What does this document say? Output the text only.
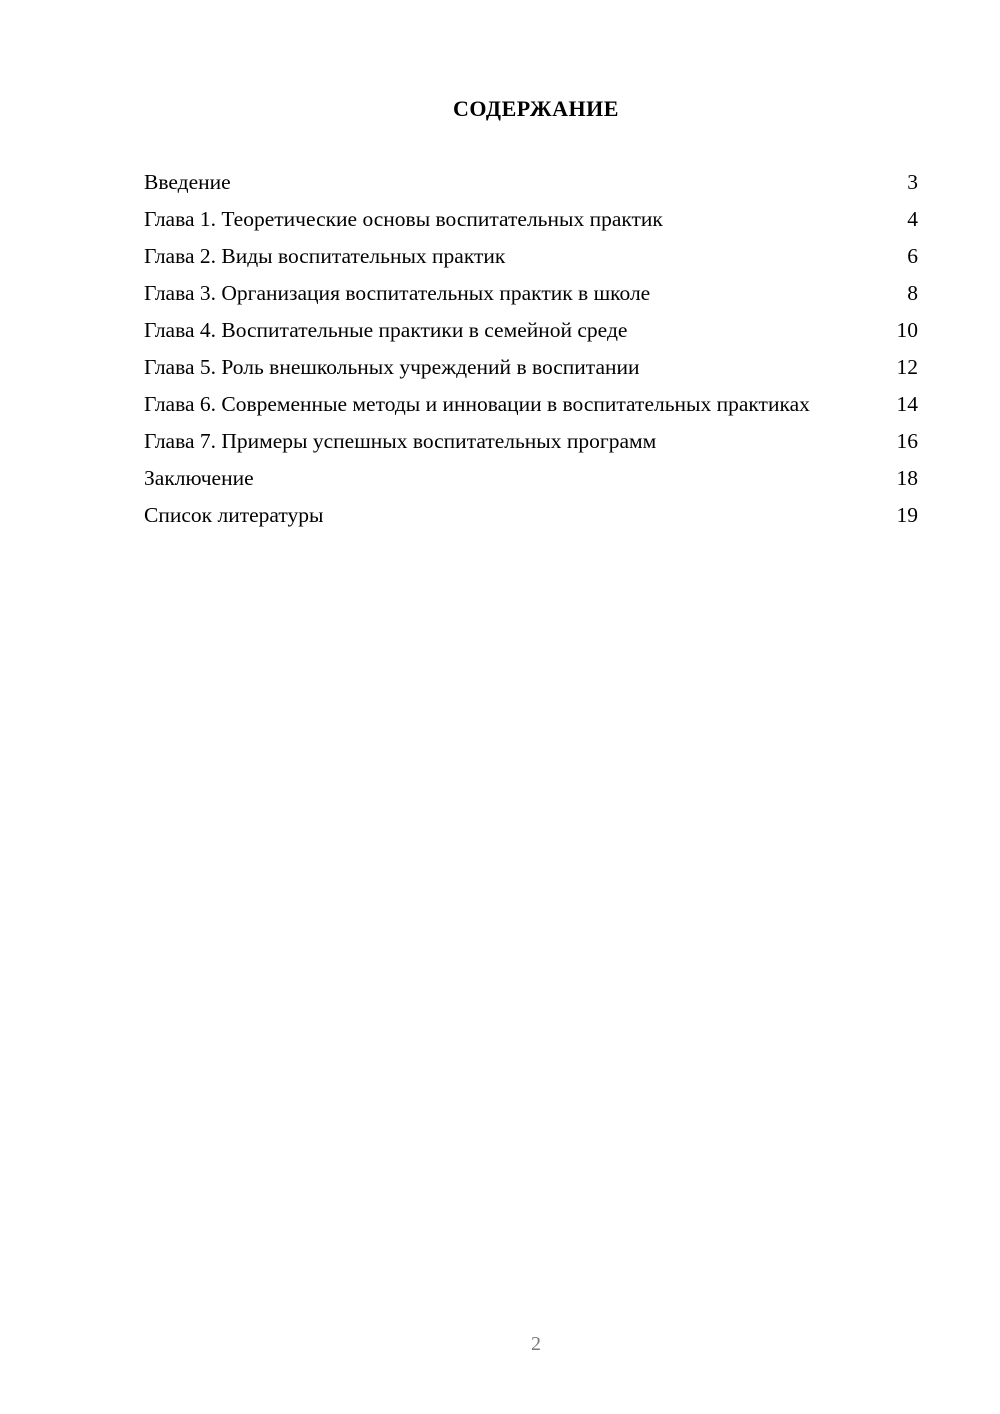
СОДЕРЖАНИЕ
Введение	3
Глава 1. Теоретические основы воспитательных практик	4
Глава 2. Виды воспитательных практик	6
Глава 3. Организация воспитательных практик в школе	8
Глава 4. Воспитательные практики в семейной среде	10
Глава 5. Роль внешкольных учреждений в воспитании	12
Глава 6. Современные методы и инновации в воспитательных практиках	14
Глава 7. Примеры успешных воспитательных программ	16
Заключение	18
Список литературы	19
2
